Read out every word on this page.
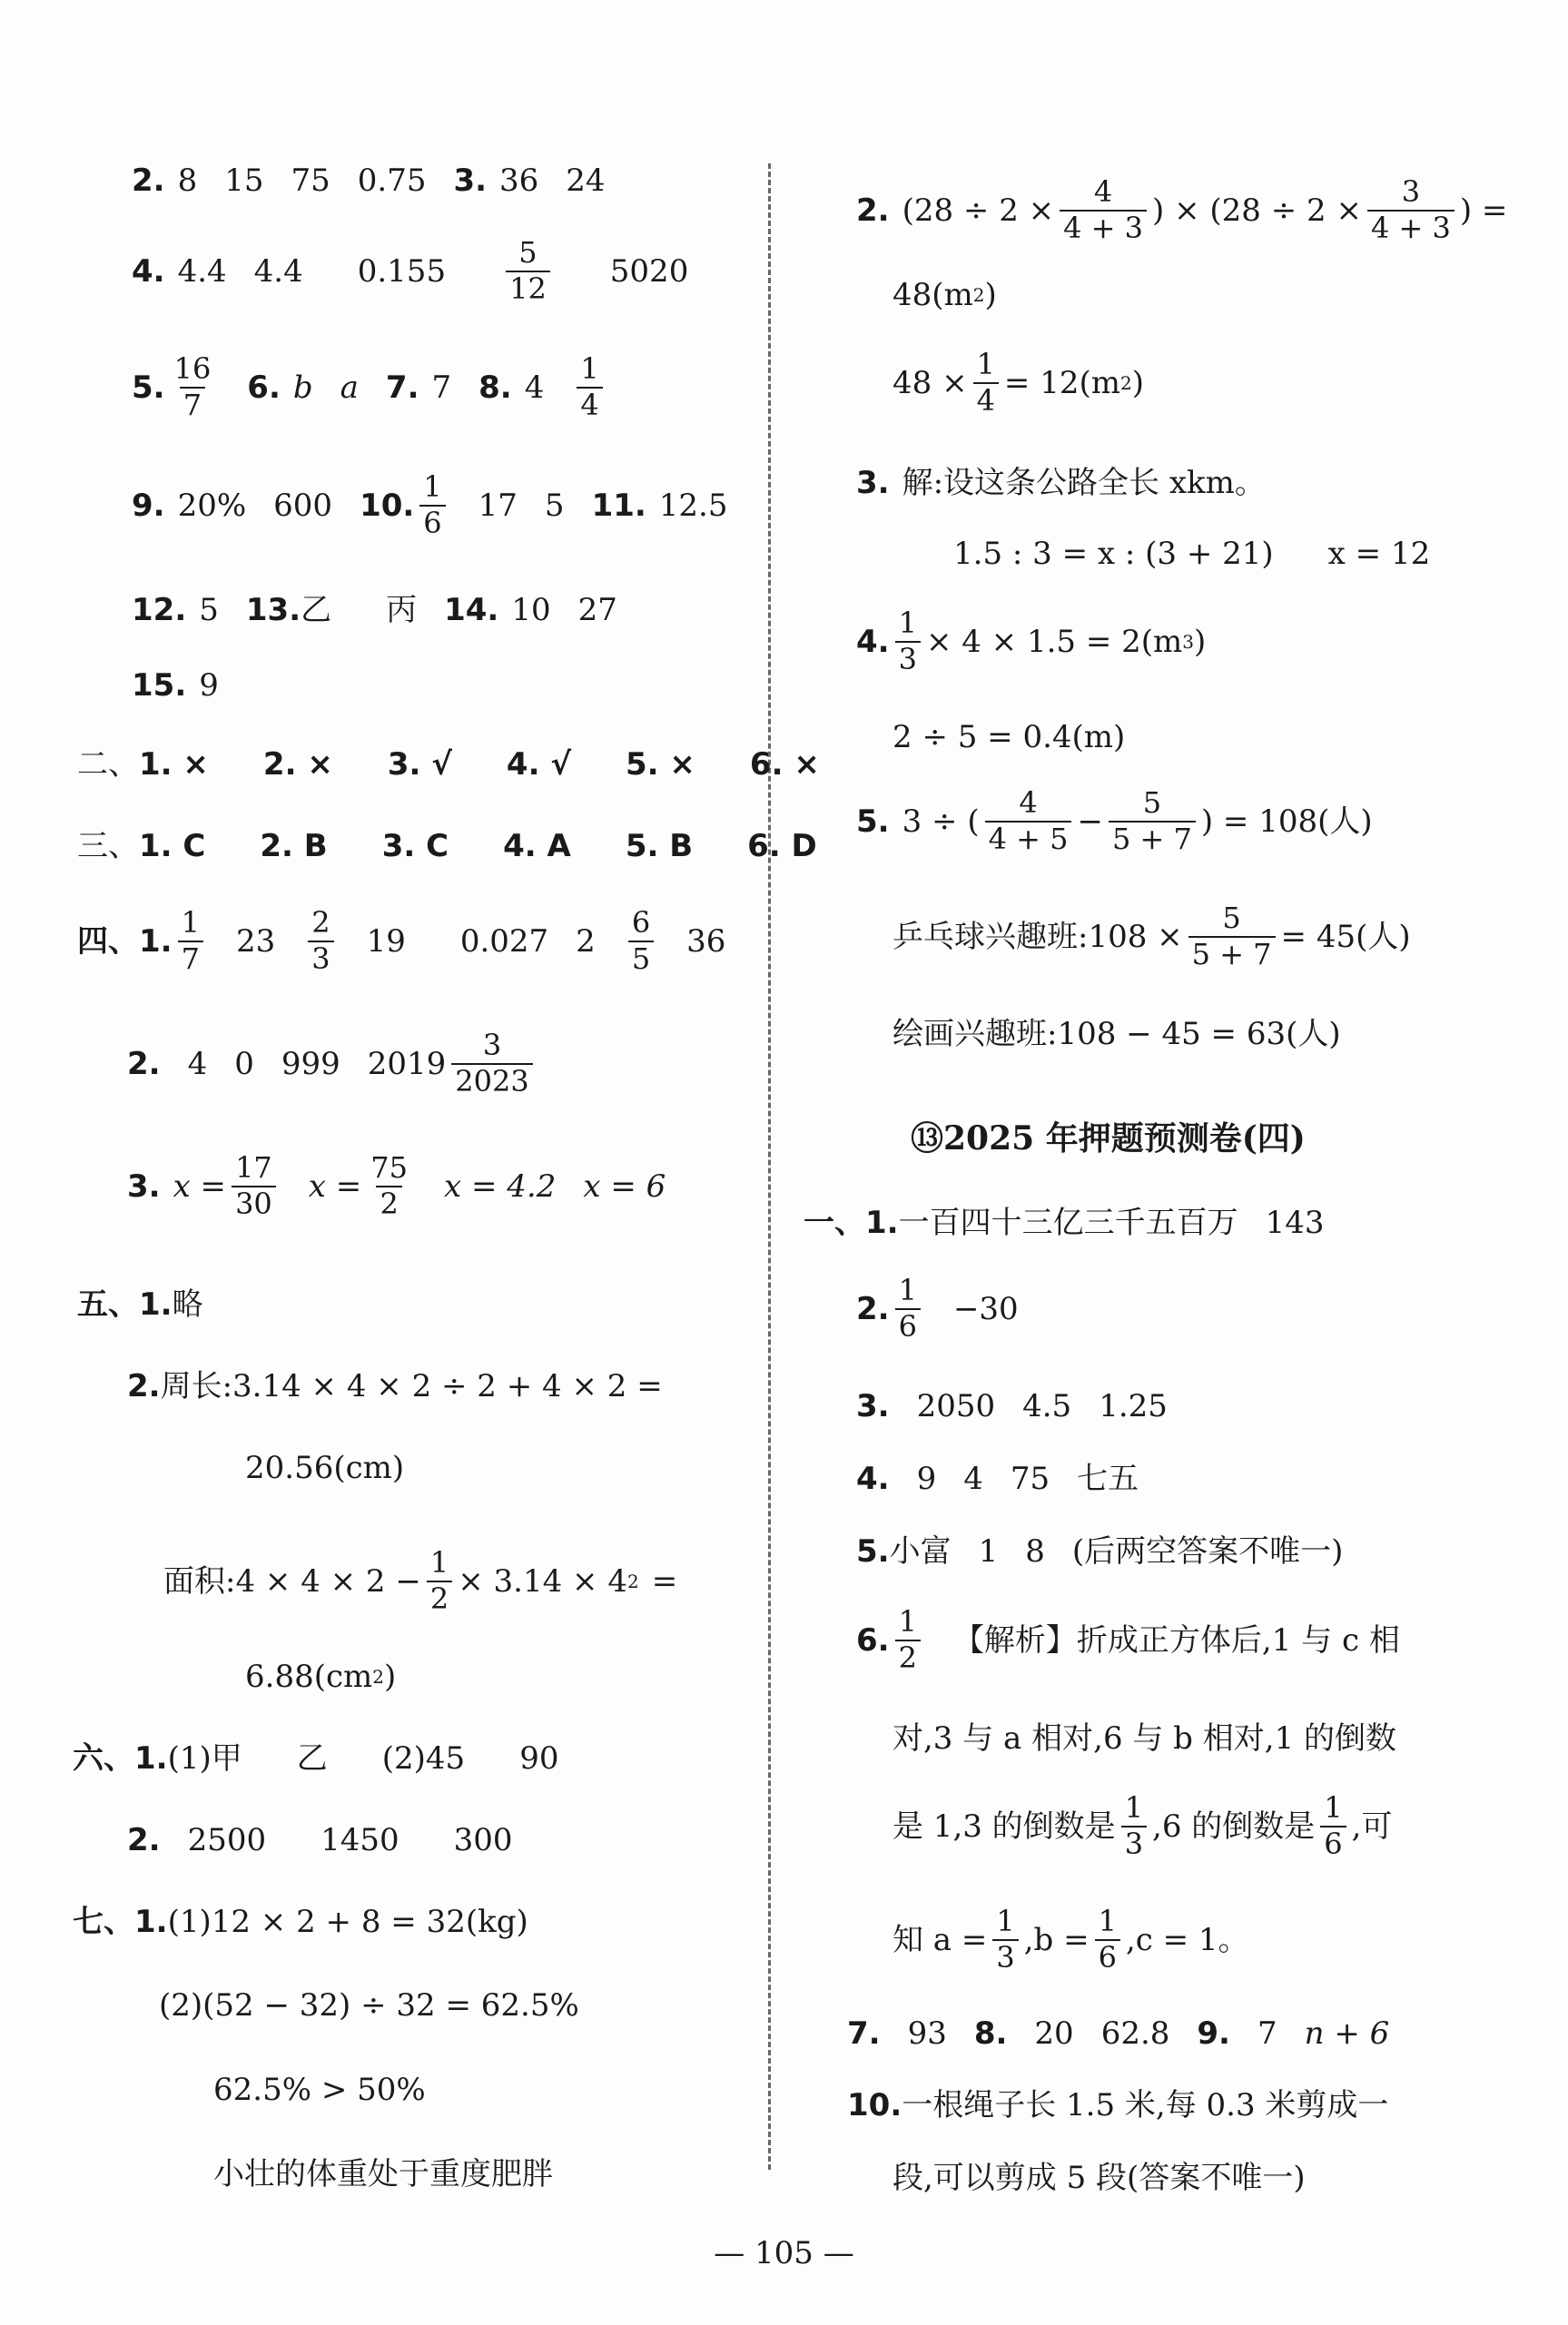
2. 8 15 75 0.75 3. 36 24
4. 4.4 4.4 $0.155 \frac{5}{12} 5020$
5. $\frac{16}{7} 6$. b a 7. 7 8. $4 \frac{1}{4}$
9. 20% 600 10. $\frac{1}{6} 17$ 5 11. 12.5
12. 5 13. 乙 丙 14. 10 27
15. 9
二、 1. × 2. × 3. √ 4. √ 5. × 6. ×
三、 1. C 2. B 3. C 4. A 5. B 6. D
四、1. $\frac{1}{7} 23 \frac{2}{3} 19$ 0.027 $2 \frac{6}{5} 36$
2. 4 0 999 $2019 \frac{3}{2023}$
3. $x = \frac{17}{30}$ $x = \frac{75}{2}$ x = 4.2 x = 6
五、1. 略
2. 周长:3.14 × 4 × 2 ÷ 2 + 4 × 2 =
20.56(cm)
面积:4 × $4 \times 2 - \frac{1}{2} \times 3.14 \times 4$ 2 =
6.88(cm 2 )
六、1. (1)甲 乙 (2)45 90
2. 2500 1450 300
七、1. (1)12 × 2 + 8 = 32(kg)
(2)(52 − 32) ÷ 32 = 62.5%
62.5% > 50%
小壮的体重处于重度肥胖
2. ($28 \div 2 \times \frac{4}{4 + 3}$ ) × ($28 \div 2 \times \frac{3}{4 + 3}$ ) =
48(m 2 )
$48 \times \frac{1}{4} = 12(m$ 2 )
3. 解:设这条公路全长 xkm。
1.5 : 3 = x : (3 + 21) x = 12
4. $\frac{1}{3} \times 4 \times 1.5 = 2(m$ 3 )
2 ÷ 5 = 0.4(m)
5. 3 ÷ ( $\frac{4}{4 + 5} - \frac{5}{5 + 7}$ ) = 108(人)
乒乓球兴趣班:108 × $\frac{5}{5 + 7} = 45$(人)
绘画兴趣班:108 − 45 = 63(人)
⑬2025 年押题预测卷(四)
一、1. 一百四十三亿三千五百万 143
2. $\frac{1}{6} -30$
3. 2050 4.5 1.25
4. 9 4 75 七五
5. 小富 1 8 (后两空答案不唯一)
6. $\frac{1}{2}$ 【解析】折成正方体后,1 与 c 相
对,3 与 a 相对,6 与 b 相对,1 的倒数
是 1,3 的倒数是 $\frac{1}{3} ,6$ 的倒数是 $\frac{1}{6}$ ,可
知 $a = \frac{1}{3} ,b = \frac{1}{6} ,c = 1$。
7. 93 8. 20 62.8 9. 7 n + 6
10. 一根绳子长 1.5 米,每 0.3 米剪成一
段,可以剪成 5 段(答案不唯一)
— 105 —
